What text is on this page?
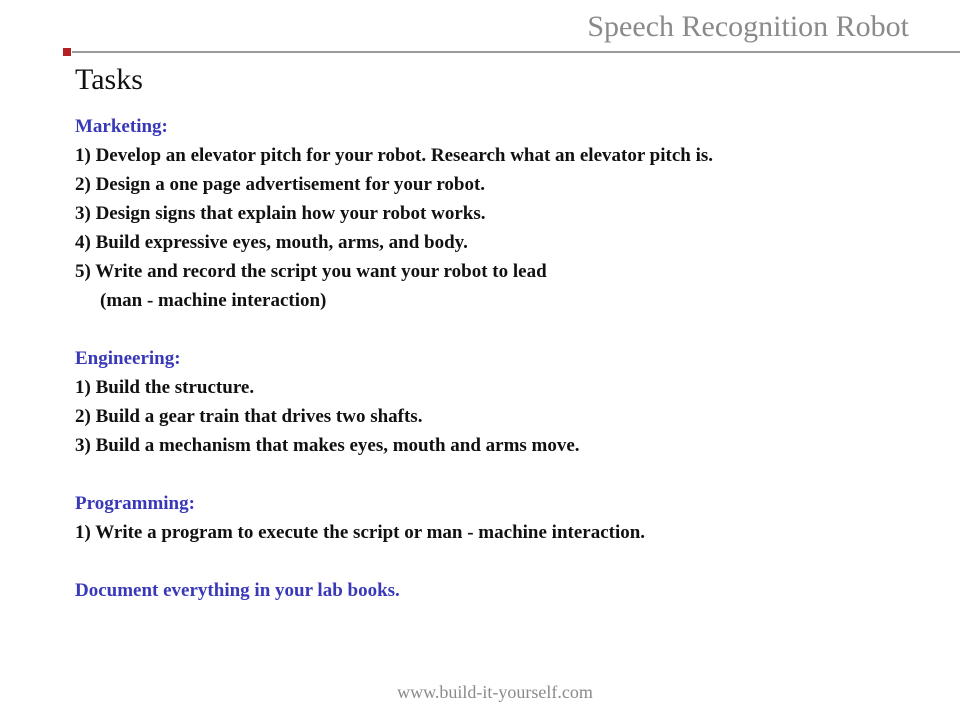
Speech Recognition Robot
Tasks
Marketing:
1) Develop an elevator pitch for your robot. Research what an elevator pitch is.
2) Design a one page advertisement for your robot.
3) Design signs that explain how your robot works.
4) Build expressive eyes, mouth, arms, and body.
5) Write and record the script you want your robot to lead
(man - machine interaction)
Engineering:
1) Build the structure.
2) Build a gear train that drives two shafts.
3) Build a mechanism that makes eyes, mouth and arms move.
Programming:
1) Write a program to execute the script or man - machine interaction.
Document everything in your lab books.
www.build-it-yourself.com
